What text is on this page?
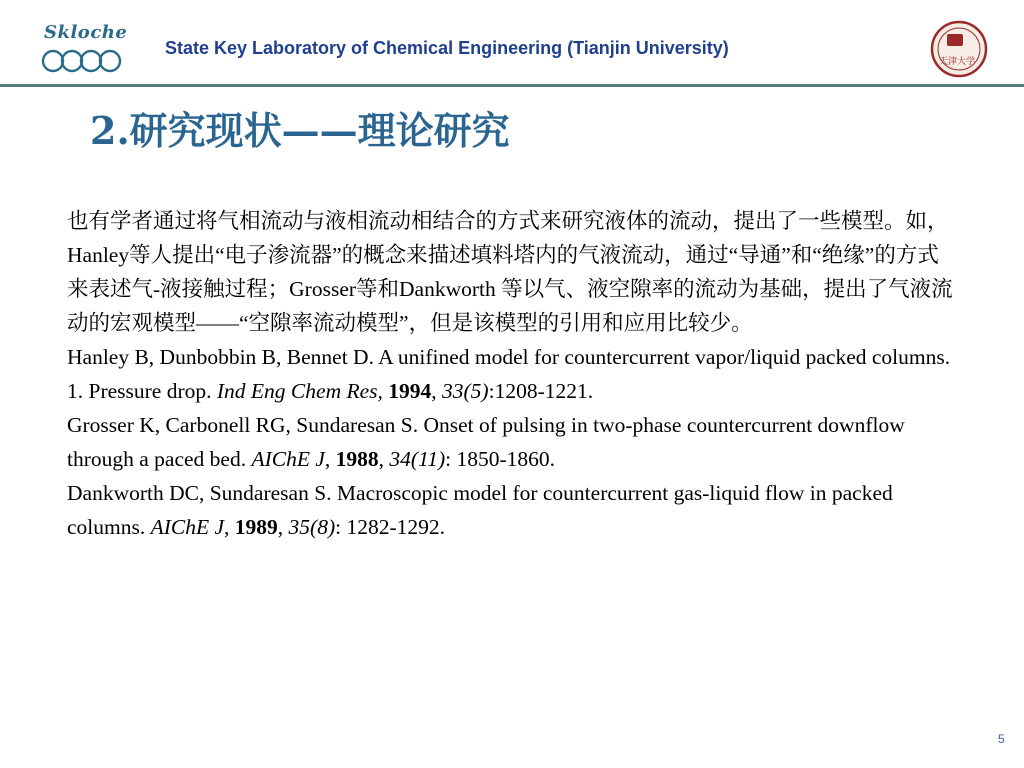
Skloche
State Key Laboratory of Chemical Engineering (Tianjin University)
天津大学
2.研究现状——理论研究

也有学者通过将气相流动与液相流动相结合的方式来研究液体的流动，提出了一些模型。如，Hanley等人提出“电子渗流器”的概念来描述填料塔内的气液流动，通过“导通”和“绝缘”的方式来表述气-液接触过程；Grosser等和Dankworth 等以气、液空隙率的流动为基础，提出了气液流动的宏观模型——“空隙率流动模型”，但是该模型的引用和应用比较少。

Hanley B, Dunbobbin B, Bennet D. A unifined model for countercurrent vapor/liquid packed columns. 1. Pressure drop. Ind Eng Chem Res, 1994, 33(5):1208-1221.

Grosser K, Carbonell RG, Sundaresan S. Onset of pulsing in two-phase countercurrent downflow through a paced bed. AIChE J, 1988, 34(11): 1850-1860.

Dankworth DC, Sundaresan S. Macroscopic model for countercurrent gas-liquid flow in packed columns. AIChE J, 1989, 35(8): 1282-1292.

5
